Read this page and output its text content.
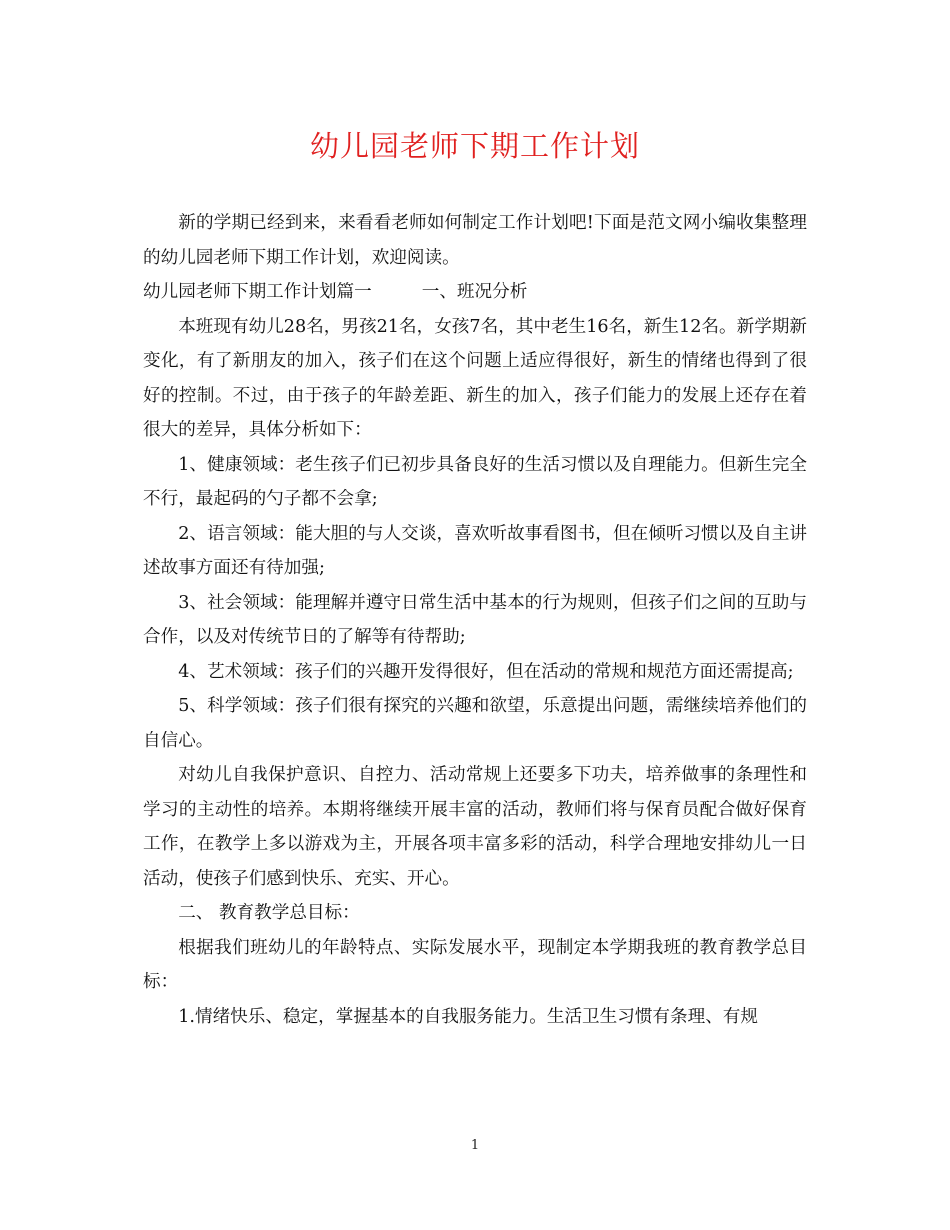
幼儿园老师下期工作计划

新的学期已经到来，来看看老师如何制定工作计划吧!下面是范文网小编收集整理的幼儿园老师下期工作计划，欢迎阅读。

幼儿园老师下期工作计划篇一	一、班况分析

本班现有幼儿28名，男孩21名，女孩7名，其中老生16名，新生12名。新学期新变化，有了新朋友的加入，孩子们在这个问题上适应得很好，新生的情绪也得到了很好的控制。不过，由于孩子的年龄差距、新生的加入，孩子们能力的发展上还存在着很大的差异，具体分析如下：

1、健康领域：老生孩子们已初步具备良好的生活习惯以及自理能力。但新生完全不行，最起码的勺子都不会拿;

2、语言领域：能大胆的与人交谈，喜欢听故事看图书，但在倾听习惯以及自主讲述故事方面还有待加强;

3、社会领域：能理解并遵守日常生活中基本的行为规则，但孩子们之间的互助与合作，以及对传统节日的了解等有待帮助;

4、艺术领域：孩子们的兴趣开发得很好，但在活动的常规和规范方面还需提高;

5、科学领域：孩子们很有探究的兴趣和欲望，乐意提出问题，需继续培养他们的自信心。

对幼儿自我保护意识、自控力、活动常规上还要多下功夫，培养做事的条理性和学习的主动性的培养。本期将继续开展丰富的活动，教师们将与保育员配合做好保育工作，在教学上多以游戏为主，开展各项丰富多彩的活动，科学合理地安排幼儿一日活动，使孩子们感到快乐、充实、开心。

二、 教育教学总目标：

根据我们班幼儿的年龄特点、实际发展水平，现制定本学期我班的教育教学总目标：

1.情绪快乐、稳定，掌握基本的自我服务能力。生活卫生习惯有条理、有规

1
